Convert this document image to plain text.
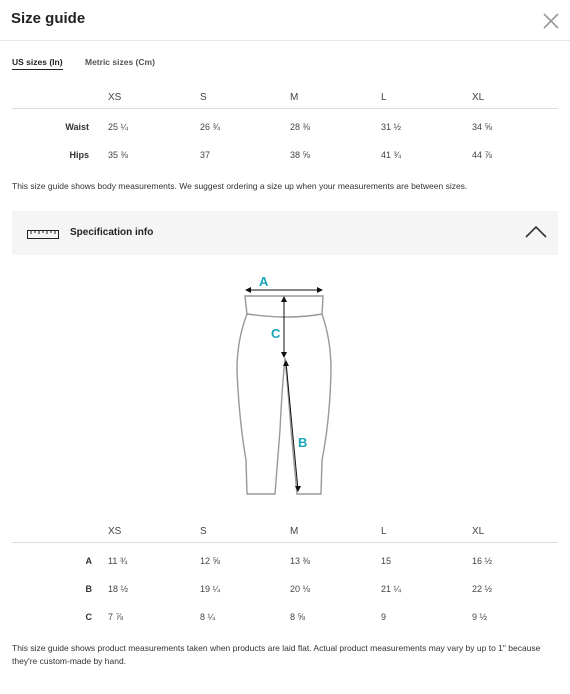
Size guide
US sizes (In)	Metric sizes (Cm)
XS	S	M	L	XL
Waist 25 ¼	26 ¾	28 ⅜	31 ½	34 ⅝
Hips 35 ⅜	37	38 ⅝	41 ¾	44 ⅞
This size guide shows body measurements. We suggest ordering a size up when your measurements are between sizes.
Specification info
A
C
B
XS	S	M	L	XL
A 11 ¾	12 ⅝	13 ⅜	15	16 ½
B 18 ½	19 ¼	20 ⅛	21 ¼	22 ½
C 7 ⅞	8 ¼	8 ⅝	9	9 ½
This size guide shows product measurements taken when products are laid flat. Actual product measurements may vary by up to 1" because they're custom-made by hand.
